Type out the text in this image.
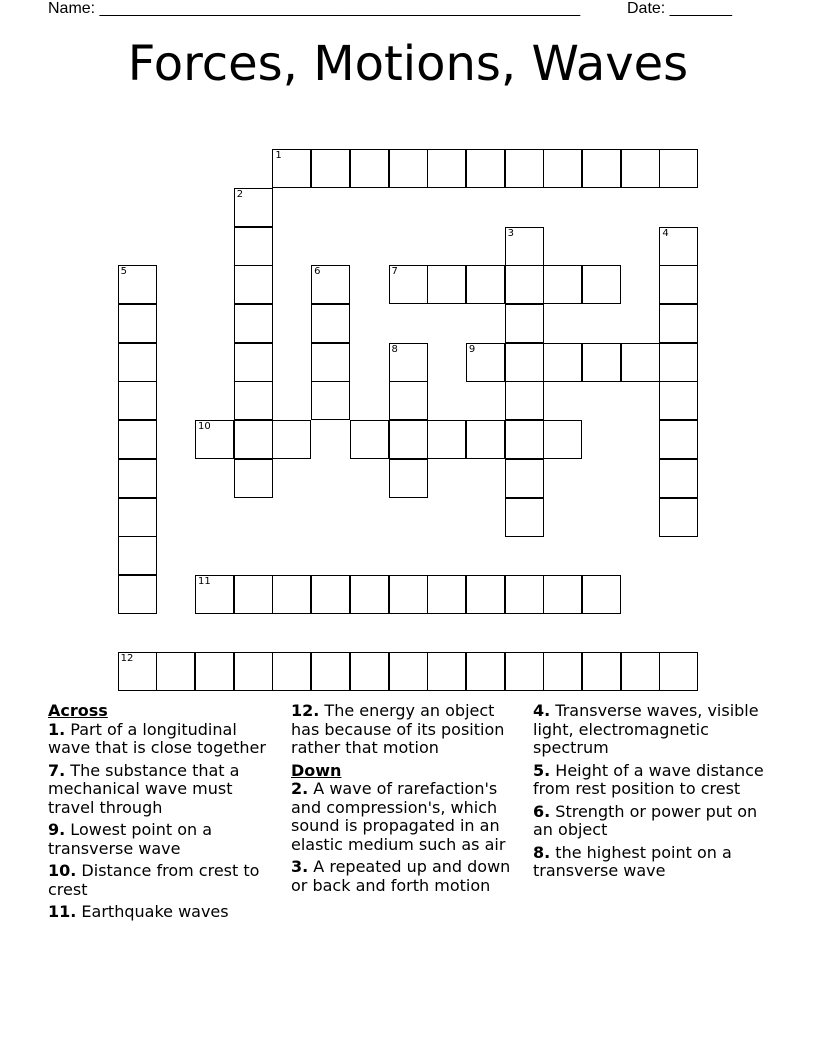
Name: ______________________________________________________	Date: _______
Forces, Motions, Waves
1
2
3	4
5	6	7
8	9
10
11
12

Across

1. Part of a longitudinal wave that is close together

7. The substance that a mechanical wave must travel through

9. Lowest point on a transverse wave

10. Distance from crest to crest

11. Earthquake waves

12. The energy an object has because of its position rather that motion

Down

2. A wave of rarefaction's and compression's, which sound is propagated in an elastic medium such as air

3. A repeated up and down or back and forth motion

4. Transverse waves, visible light, electromagnetic spectrum

5. Height of a wave distance from rest position to crest

6. Strength or power put on an object

8. the highest point on a transverse wave
